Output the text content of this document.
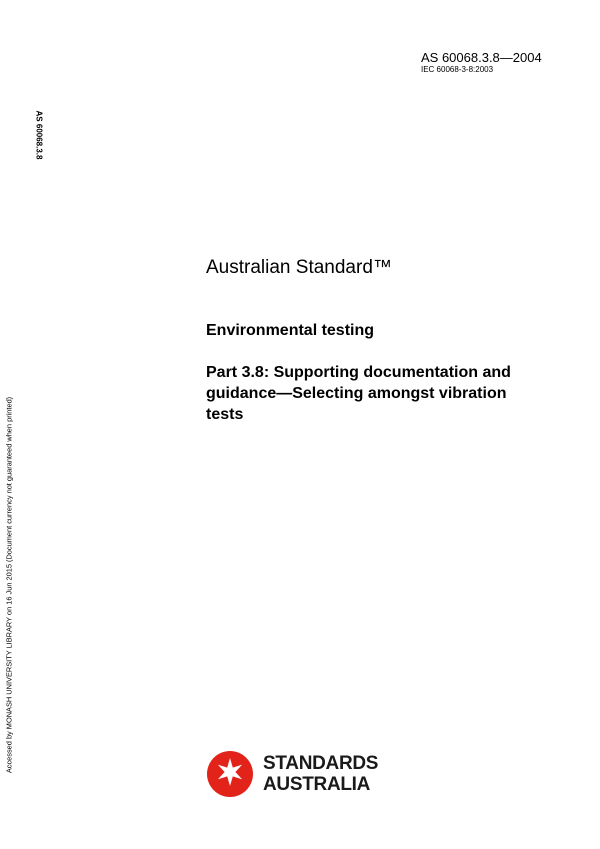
AS 60068.3.8—2004
IEC 60068-3-8:2003
AS 60068.3.8
Accessed by MONASH UNIVERSITY LIBRARY on 16 Jun 2015 (Document currency not guaranteed when printed)
Australian Standard™
Environmental testing
Part 3.8: Supporting documentation and
guidance—Selecting amongst vibration
tests
STANDARDS
AUSTRALIA
